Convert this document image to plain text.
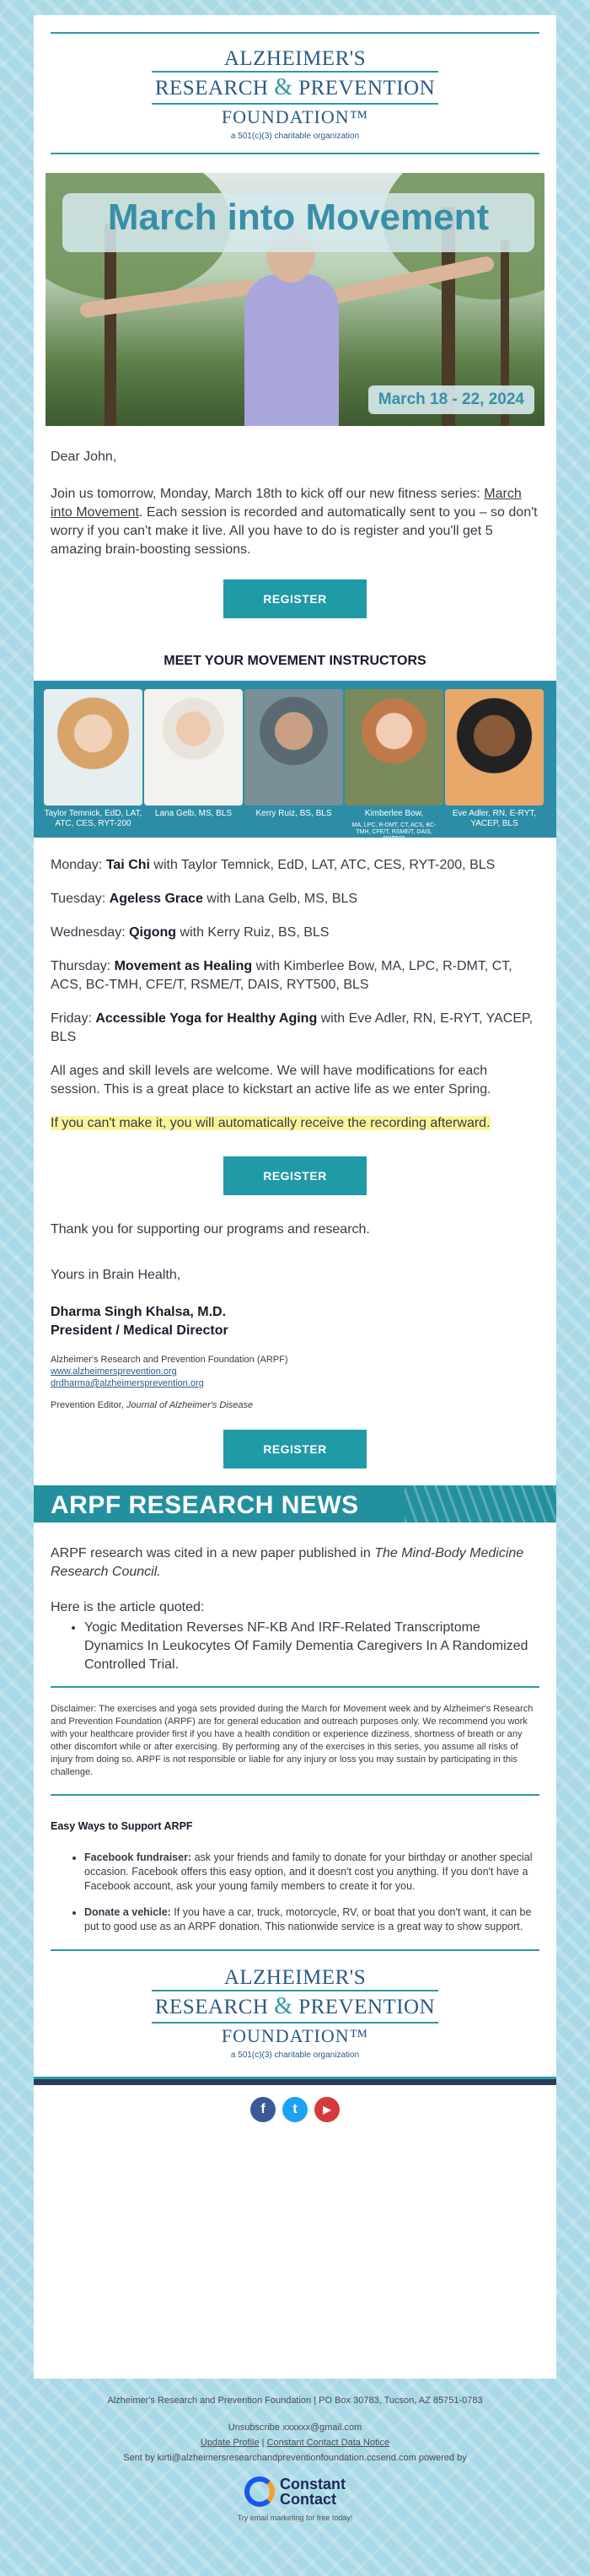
ALZHEIMER'S
RESEARCH & PREVENTION
FOUNDATION™
a 501(c)(3) charitable organization
March into Movement
March 18 - 22, 2024

Dear John,

Join us tomorrow, Monday, March 18th to kick off our new fitness series: March into Movement. Each session is recorded and automatically sent to you – so don't worry if you can't make it live. All you have to do is register and you'll get 5 amazing brain-boosting sessions.

REGISTER
MEET YOUR MOVEMENT INSTRUCTORS
Taylor Temnick, EdD, LAT, ATC, CES, RYT-200
Lana Gelb, MS, BLS	Kerry Ruiz, BS, BLS	Kimberlee Bow,
MA, LPC, R-DMT, CT, ACS, BC-TMH, CFE/T, RSME/T, DAIS, RYT500
Eve Adler, RN, E-RYT, YACEP, BLS

Monday: Tai Chi with Taylor Temnick, EdD, LAT, ATC, CES, RYT-200, BLS

Tuesday: Ageless Grace with Lana Gelb, MS, BLS

Wednesday: Qigong with Kerry Ruiz, BS, BLS

Thursday: Movement as Healing with Kimberlee Bow, MA, LPC, R-DMT, CT, ACS, BC-TMH, CFE/T, RSME/T, DAIS, RYT500, BLS

Friday: Accessible Yoga for Healthy Aging with Eve Adler, RN, E-RYT, YACEP, BLS

All ages and skill levels are welcome. We will have modifications for each session. This is a great place to kickstart an active life as we enter Spring.

If you can't make it, you will automatically receive the recording afterward.

REGISTER

Thank you for supporting our programs and research.

Yours in Brain Health,

Dharma Singh Khalsa, M.D.

President / Medical Director

Alzheimer's Research and Prevention Foundation (ARPF)

www.alzheimersprevention.org

drdharma@alzheimersprevention.org

Prevention Editor, Journal of Alzheimer's Disease

REGISTER
ARPF RESEARCH NEWS

ARPF research was cited in a new paper published in The Mind-Body Medicine Research Council.

Here is the article quoted:

• Yogic Meditation Reverses NF-KB And IRF-Related Transcriptome Dynamics In Leukocytes Of Family Dementia Caregivers In A Randomized Controlled Trial.
Disclaimer: The exercises and yoga sets provided during the March for Movement week and by Alzheimer's Research and Prevention Foundation (ARPF) are for general education and outreach purposes only. We recommend you work with your healthcare provider first if you have a health condition or experience dizziness, shortness of breath or any other discomfort while or after exercising. By performing any of the exercises in this series, you assume all risks of injury from doing so. ARPF is not responsible or liable for any injury or loss you may sustain by participating in this challenge.

Easy Ways to Support ARPF

• Facebook fundraiser: ask your friends and family to donate for your birthday or another special occasion. Facebook offers this easy option, and it doesn't cost you anything. If you don't have a Facebook account, ask your young family members to create it for you.
• Donate a vehicle: If you have a car, truck, motorcycle, RV, or boat that you don't want, it can be put to good use as an ARPF donation. This nationwide service is a great way to show support.
ALZHEIMER'S
RESEARCH & PREVENTION
FOUNDATION™
a 501(c)(3) charitable organization
f	t	▶
Alzheimer's Research and Prevention Foundation | PO Box 30783, Tucson, AZ 85751-0783
Unsubscribe xxxxxx@gmail.com
Update Profile | Constant Contact Data Notice
Sent by kirti@alzheimersresearchandpreventionfoundation.ccsend.com powered by
Constant
Contact
Try email marketing for free today!
